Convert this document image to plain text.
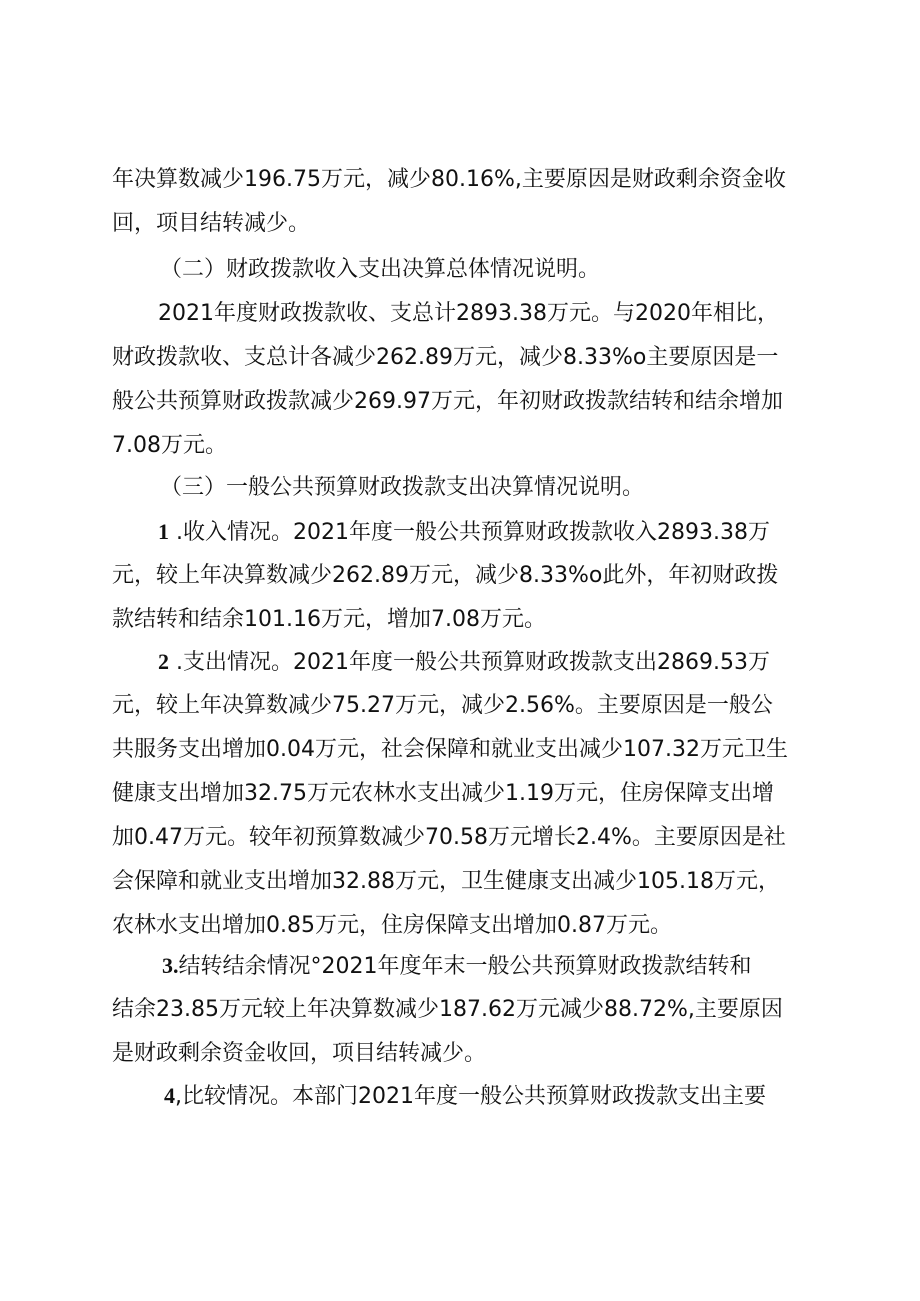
年决算数减少196.75万元，减少80.16%,主要原因是财政剩余资金收
回，项目结转减少。
（二）财政拨款收入支出决算总体情况说明。
2021年度财政拨款收、支总计2893.38万元。与2020年相比，
财政拨款收、支总计各减少262.89万元，减少8.33%o主要原因是一
般公共预算财政拨款减少269.97万元，年初财政拨款结转和结余增加
7.08万元。
（三）一般公共预算财政拨款支出决算情况说明。
1 .收入情况。2021年度一般公共预算财政拨款收入2893.38万
元，较上年决算数减少262.89万元，减少8.33%o此外，年初财政拨
款结转和结余101.16万元，增加7.08万元。
2 .支出情况。2021年度一般公共预算财政拨款支出2869.53万
元，较上年决算数减少75.27万元，减少2.56%。主要原因是一般公
共服务支出增加0.04万元，社会保障和就业支出减少107.32万元卫生
健康支出增加32.75万元农林水支出减少1.19万元，住房保障支出增
加0.47万元。较年初预算数减少70.58万元增长2.4%。主要原因是社
会保障和就业支出增加32.88万元，卫生健康支出减少105.18万元，
农林水支出增加0.85万元，住房保障支出增加0.87万元。
3.结转结余情况°2021年度年末一般公共预算财政拨款结转和
结余23.85万元较上年决算数减少187.62万元减少88.72%,主要原因
是财政剩余资金收回，项目结转减少。
4,比较情况。本部门2021年度一般公共预算财政拨款支出主要
